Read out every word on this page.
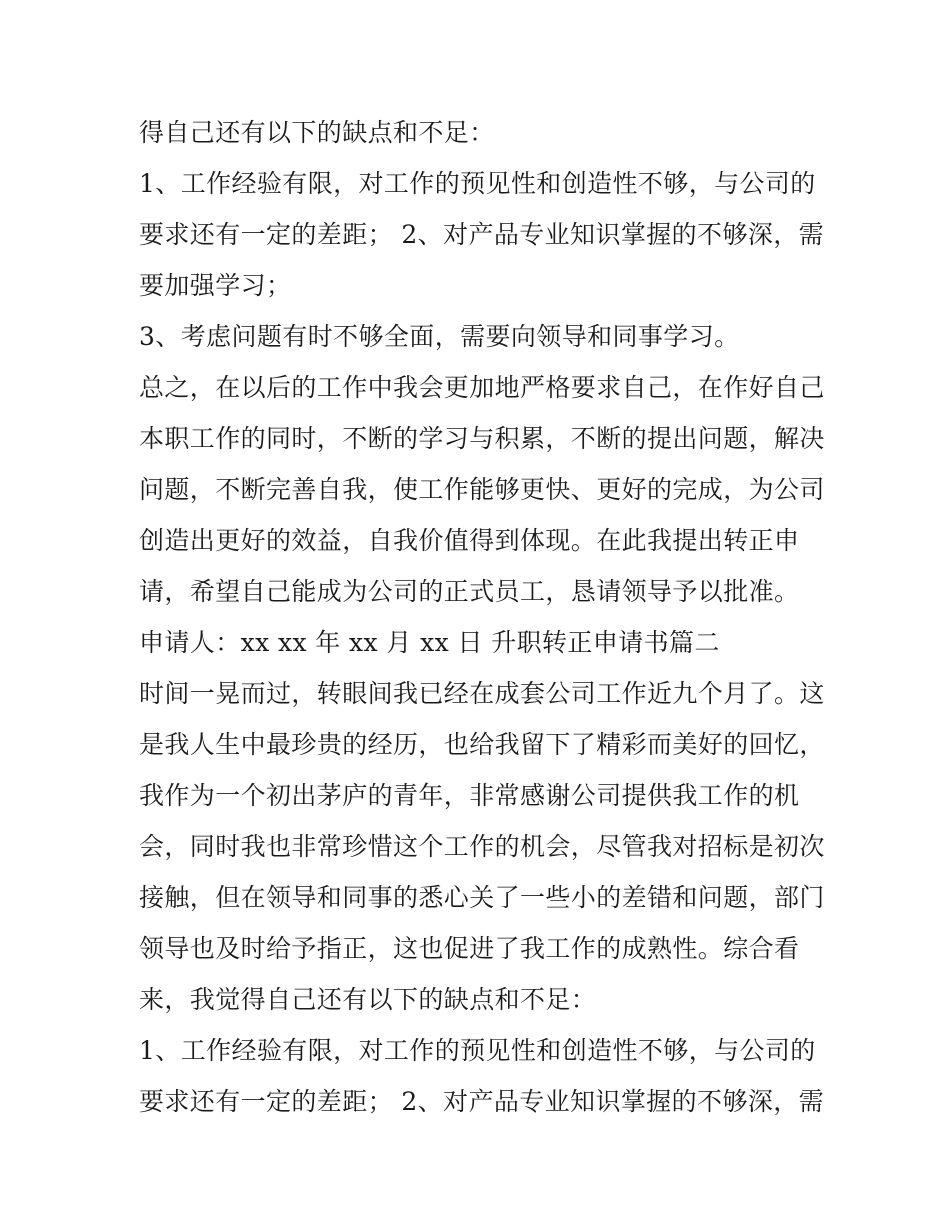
得自己还有以下的缺点和不足：
1、工作经验有限，对工作的预见性和创造性不够，与公司的
要求还有一定的差距； 2、对产品专业知识掌握的不够深，需
要加强学习；
3、考虑问题有时不够全面，需要向领导和同事学习。
总之，在以后的工作中我会更加地严格要求自己，在作好自己
本职工作的同时，不断的学习与积累，不断的提出问题，解决
问题，不断完善自我，使工作能够更快、更好的完成，为公司
创造出更好的效益，自我价值得到体现。在此我提出转正申
请，希望自己能成为公司的正式员工，恳请领导予以批准。
申请人：xx xx 年 xx 月 xx 日 升职转正申请书篇二
时间一晃而过，转眼间我已经在成套公司工作近九个月了。这
是我人生中最珍贵的经历，也给我留下了精彩而美好的回忆，
我作为一个初出茅庐的青年，非常感谢公司提供我工作的机
会，同时我也非常珍惜这个工作的机会，尽管我对招标是初次
接触，但在领导和同事的悉心关了一些小的差错和问题，部门
领导也及时给予指正，这也促进了我工作的成熟性。综合看
来，我觉得自己还有以下的缺点和不足：
1、工作经验有限，对工作的预见性和创造性不够，与公司的
要求还有一定的差距； 2、对产品专业知识掌握的不够深，需
